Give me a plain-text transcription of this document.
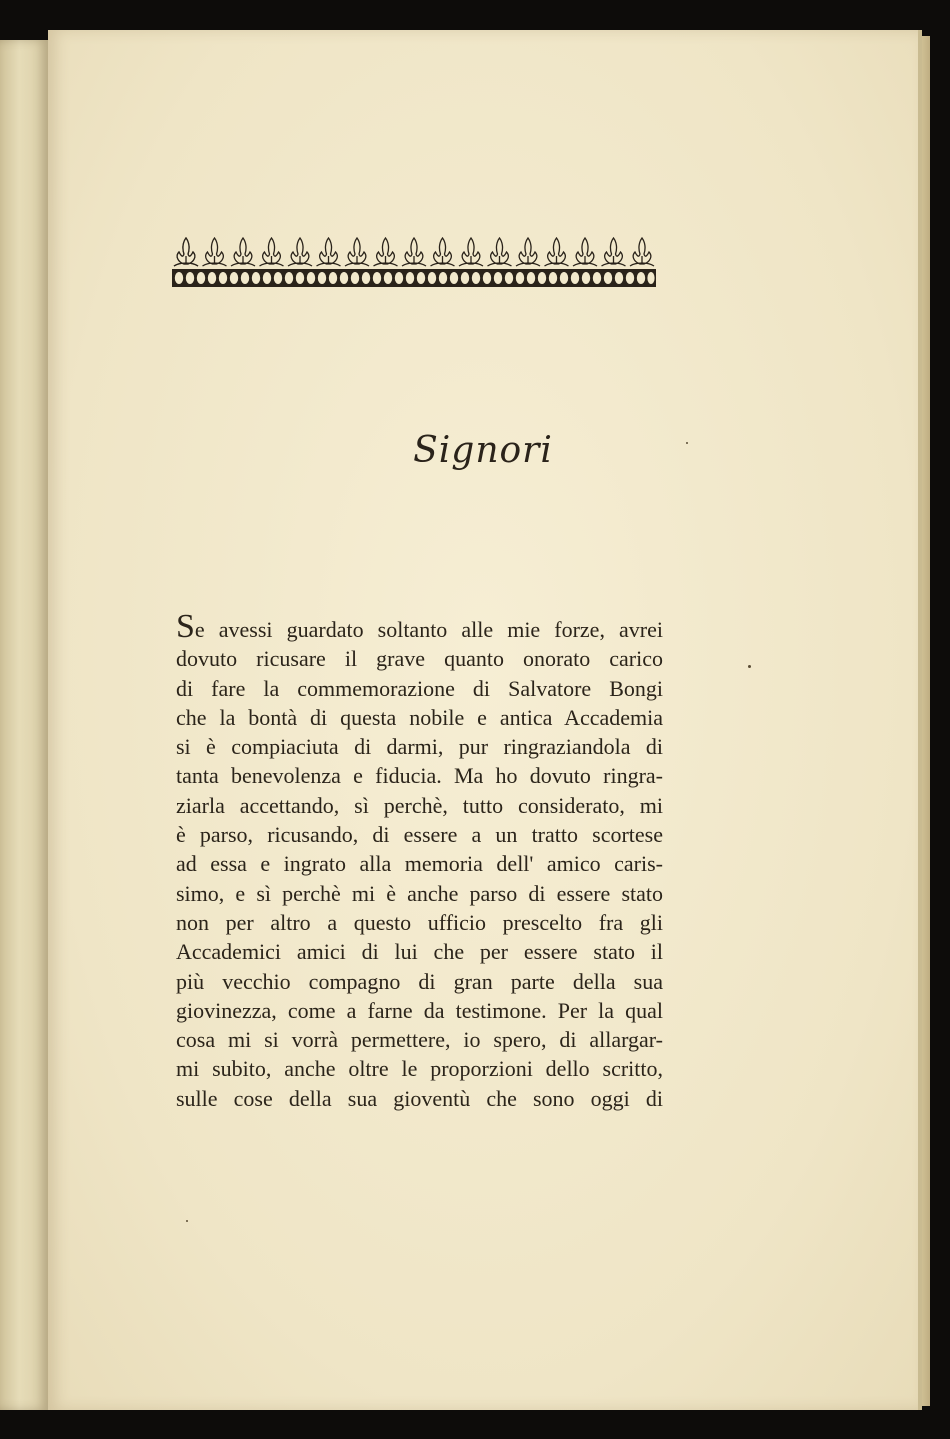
Signori
Se avessi guardato soltanto alle mie forze, avrei
dovuto ricusare il grave quanto onorato carico
di fare la commemorazione di Salvatore Bongi
che la bontà di questa nobile e antica Accademia
si è compiaciuta di darmi, pur ringraziandola di
tanta benevolenza e fiducia. Ma ho dovuto ringra-
ziarla accettando, sì perchè, tutto considerato, mi
è parso, ricusando, di essere a un tratto scortese
ad essa e ingrato alla memoria dell' amico caris-
simo, e sì perchè mi è anche parso di essere stato
non per altro a questo ufficio prescelto fra gli
Accademici amici di lui che per essere stato il
più vecchio compagno di gran parte della sua
giovinezza, come a farne da testimone. Per la qual
cosa mi si vorrà permettere, io spero, di allargar-
mi subito, anche oltre le proporzioni dello scritto,
sulle cose della sua gioventù che sono oggi di
